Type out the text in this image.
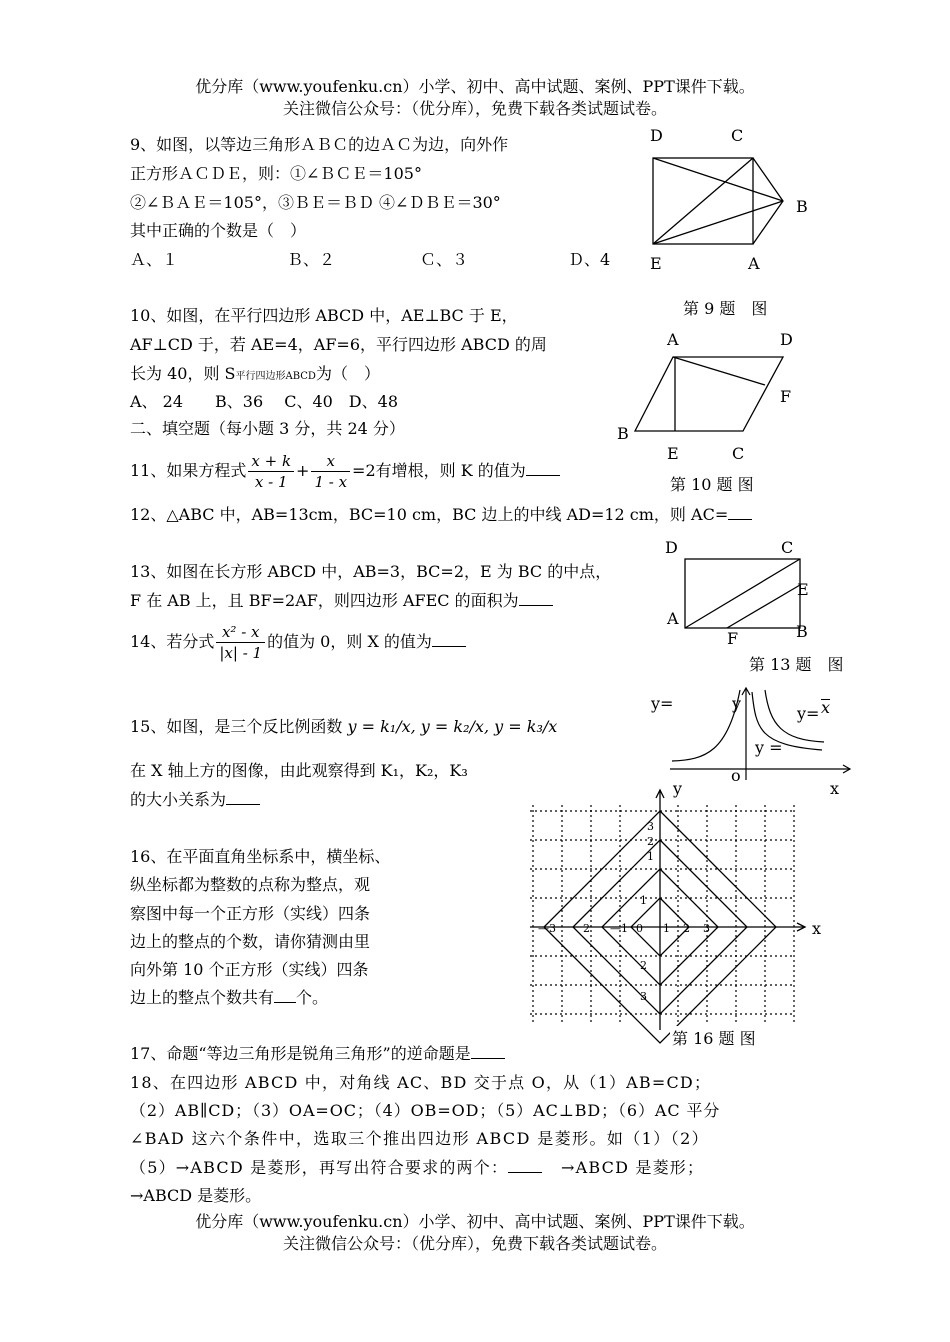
优分库（www.youfenku.cn）小学、初中、高中试题、案例、PPT课件下载。
关注微信公众号：（优分库），免费下载各类试题试卷。
9、如图，以等边三角形ＡＢＣ的边ＡＣ为边，向外作
正方形ＡＣＤＥ，则：①∠ＢＣＥ＝105°
②∠ＢＡＥ＝105°，③ＢＥ＝ＢＤ ④∠ＤＢＥ＝30°
其中正确的个数是（　）
Ａ、１	Ｂ、２	Ｃ、３	Ｄ、4
D	C
B
E	A
第 9 题　图
10、如图，在平行四边形 ABCD 中，AE⊥BC 于 E，
AF⊥CD 于，若 AE=4，AF=6，平行四边形 ABCD 的周
长为 40，则 S平行四边形ABCD为（　）
A、 24　　B、36　 C、40　D、48
二、填空题（每小题 3 分，共 24 分）
A	D
F
B
E	C
第 10 题 图
11、如果方程式 $\frac{x + k}{x - 1} + \frac{x}{1 - x} =2$有增根，则 K 的值为
12、△ABC 中，AB=13cm，BC=10 cm，BC 边上的中线 AD=12 cm，则 AC=
13、如图在长方形 ABCD 中，AB=3，BC=2，E 为 BC 的中点，
F 在 AB 上，且 BF=2AF，则四边形 AFEC 的面积为
D	C
E
A
F	B
第 13 题　图
14、若分式 $\frac{\text{x² - x}}{|x| - 1}$ 的值为 0，则 X 的值为
15、如图，是三个反比例函数 y = k₁/x, y = k₂/x, y = k₃/x
在 X 轴上方的图像，由此观察得到 K₁，K₂，K₃
的大小关系为
y=	y
y= x
y =
o
x
16、在平面直角坐标系中，横坐标、
纵坐标都为整数的点称为整点，观
察图中每一个正方形（实线）四条
边上的整点的个数，请你猜测由里
向外第 10 个正方形（实线）四条
边上的整点个数共有 个。
y
x
3
2
1
1
2
3
—3 2 —1 0 1 2 3
第 16 题 图
17、命题“等边三角形是锐角三角形”的逆命题是
18、在四边形 ABCD 中，对角线 AC、BD 交于点 O，从（1）AB=CD；
（2）AB∥CD；（3）OA=OC；（4）OB=OD；（5）AC⊥BD；（6）AC 平分
∠BAD 这六个条件中，选取三个推出四边形 ABCD 是菱形。如（1）（2）
（5）→ABCD 是菱形，再写出符合要求的两个：	→ABCD 是菱形；
→ABCD 是菱形。
优分库（www.youfenku.cn）小学、初中、高中试题、案例、PPT课件下载。
关注微信公众号：（优分库），免费下载各类试题试卷。
